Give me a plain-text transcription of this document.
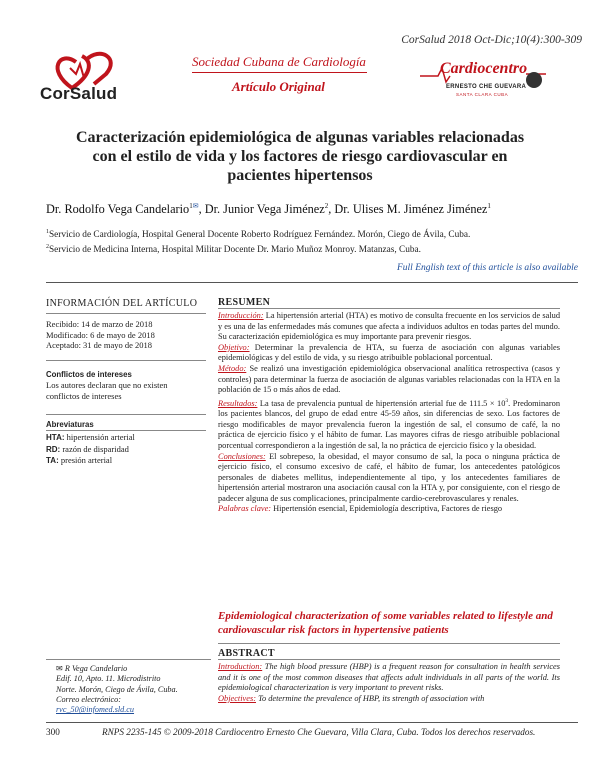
CorSalud 2018 Oct-Dic;10(4):300-309
CorSalud
Sociedad Cubana de Cardiología
Artículo Original
Cardiocentro
ERNESTO CHE GUEVARA
SANTA CLARA CUBA
Caracterización epidemiológica de algunas variables relacionadas con el estilo de vida y los factores de riesgo cardiovascular en pacientes hipertensos
Dr. Rodolfo Vega Candelario$^{1✉}$, Dr. Junior Vega Jiménez$^2$, Dr. Ulises M. Jiménez Jiménez$^1$
$^1$Servicio de Cardiología, Hospital General Docente Roberto Rodríguez Fernández. Morón, Ciego de Ávila, Cuba.
$^2$Servicio de Medicina Interna, Hospital Militar Docente Dr. Mario Muñoz Monroy. Matanzas, Cuba.
Full English text of this article is also available
INFORMACIÓN DEL ARTÍCULO
Recibido: 14 de marzo de 2018
Modificado: 6 de mayo de 2018
Aceptado: 31 de mayo de 2018
Conflictos de intereses
Los autores declaran que no existen conflictos de intereses
Abreviaturas
HTA: hipertensión arterial
RD: razón de disparidad
TA: presión arterial
RESUMEN

Introducción: La hipertensión arterial (HTA) es motivo de consulta frecuente en los servicios de salud y es una de las enfermedades más comunes que afecta a individuos adultos en todas partes del mundo. Su caracterización epidemiológica es muy importante para prevenir riesgos.

Objetivo: Determinar la prevalencia de HTA, su fuerza de asociación con algunas variables epidemiológicas y del estilo de vida, y su riesgo atribuible poblacional porcentual.

Método: Se realizó una investigación epidemiológica observacional analítica retrospectiva (casos y controles) para determinar la fuerza de asociación de algunas variables relacionadas con la HTA en la población de 15 o más años de edad.

Resultados: La tasa de prevalencia puntual de hipertensión arterial fue de $111.5 \times 10^3$. Predominaron los pacientes blancos, del grupo de edad entre 45-59 años, sin diferencias de sexo. Los factores de riesgo modificables de mayor prevalencia fueron la ingestión de sal, el consumo de café, la no práctica de ejercicio físico y el hábito de fumar. Las mayores cifras de riesgo atribuible poblacional porcentual correspondieron a la ingestión de sal, la no práctica de ejercicio físico y la obesidad.

Conclusiones: El sobrepeso, la obesidad, el mayor consumo de sal, la poca o ninguna práctica de ejercicio físico, el consumo excesivo de café, el hábito de fumar, los antecedentes patológicos personales de diabetes mellitus, independientemente al tipo, y los antecedentes familiares de hipertensión arterial mostraron una asociación causal con la HTA y, por consiguiente, con el riesgo de padecer alguna de sus complicaciones, principalmente cardio-cerebrovasculares y renales.

Palabras clave: Hipertensión esencial, Epidemiología descriptiva, Factores de riesgo

Epidemiological characterization of some variables related to lifestyle and cardiovascular risk factors in hypertensive patients
ABSTRACT

Introduction: The high blood pressure (HBP) is a frequent reason for consultation in health services and it is one of the most common diseases that affects adult individuals in all parts of the world. Its epidemiological characterization is very important to prevent risks.

Objectives: To determine the prevalence of HBP, its strength of association with

✉ R Vega Candelario
Edif. 10, Apto. 11. Microdistrito
Norte. Morón, Ciego de Ávila, Cuba.
Correo electrónico:
rvc_50@infomed.sld.cu
300	RNPS 2235-145 © 2009-2018 Cardiocentro Ernesto Che Guevara, Villa Clara, Cuba. Todos los derechos reservados.
